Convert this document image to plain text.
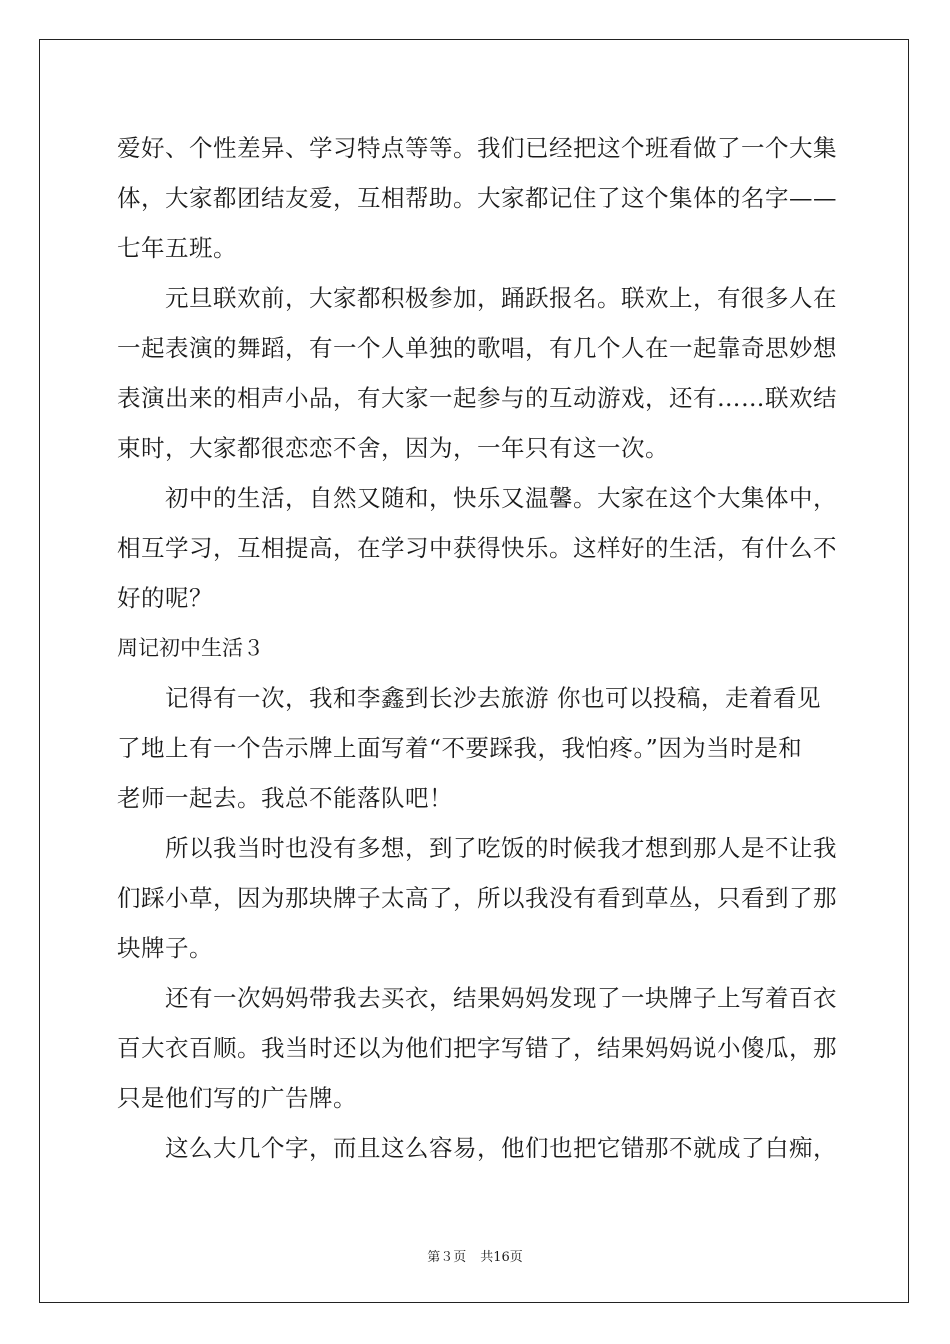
爱好、个性差异、学习特点等等。我们已经把这个班看做了一个大集
体，大家都团结友爱，互相帮助。大家都记住了这个集体的名字——
七年五班。
　　元旦联欢前，大家都积极参加，踊跃报名。联欢上，有很多人在
一起表演的舞蹈，有一个人单独的歌唱，有几个人在一起靠奇思妙想
表演出来的相声小品，有大家一起参与的互动游戏，还有……联欢结
束时，大家都很恋恋不舍，因为，一年只有这一次。
　　初中的生活，自然又随和，快乐又温馨。大家在这个大集体中，
相互学习，互相提高，在学习中获得快乐。这样好的生活，有什么不
好的呢？
周记初中生活３
　　记得有一次，我和李鑫到长沙去旅游 你也可以投稿，走着看见
了地上有一个告示牌上面写着“不要踩我，我怕疼。”因为当时是和
老师一起去。我总不能落队吧！
　　所以我当时也没有多想，到了吃饭的时候我才想到那人是不让我
们踩小草，因为那块牌子太高了，所以我没有看到草丛，只看到了那
块牌子。
　　还有一次妈妈带我去买衣，结果妈妈发现了一块牌子上写着百衣
百大衣百顺。我当时还以为他们把字写错了，结果妈妈说小傻瓜，那
只是他们写的广告牌。
　　这么大几个字，而且这么容易，他们也把它错那不就成了白痴，
第３页 共16页
